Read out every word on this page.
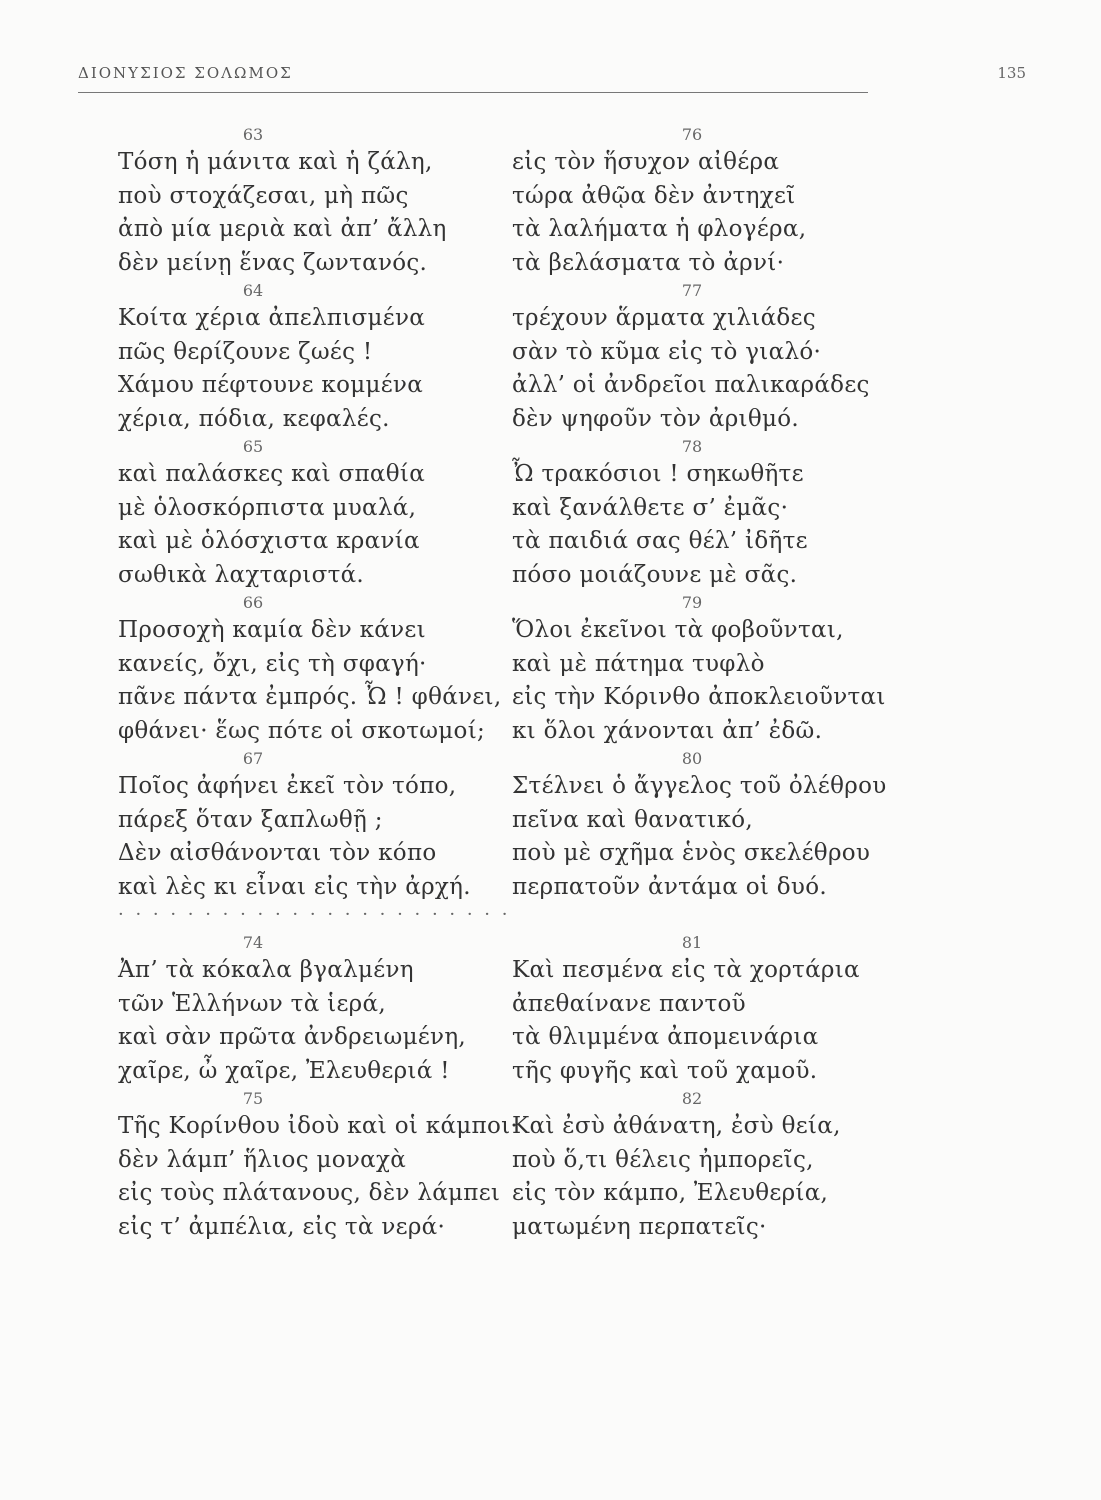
ΔΙΟΝΥΣΙΟΣ ΣΟΛΩΜΟΣ	135
63
Τόση ἡ μάνιτα καὶ ἡ ζάλη,
ποὺ στοχάζεσαι, μὴ πῶς
ἀπὸ μία μεριὰ καὶ ἀπ’ ἄλλη
δὲν μείνῃ ἕνας ζωντανός.
64
Κοίτα χέρια ἀπελπισμένα
πῶς θερίζουνε ζωές !
Χάμου πέφτουνε κομμένα
χέρια, πόδια, κεφαλές.
65
καὶ παλάσκες καὶ σπαθία
μὲ ὁλοσκόρπιστα μυαλά,
καὶ μὲ ὁλόσχιστα κρανία
σωθικὰ λαχταριστά.
66
Προσοχὴ καμία δὲν κάνει
κανείς, ὄχι, εἰς τὴ σφαγή·
πᾶνε πάντα ἐμπρός. Ὦ ! φθάνει,
φθάνει· ἕως πότε οἱ σκοτωμοί;
67
Ποῖος ἀφήνει ἐκεῖ τὸν τόπο,
πάρεξ ὅταν ξαπλωθῇ ;
Δὲν αἰσθάνονται τὸν κόπο
καὶ λὲς κι εἶναι εἰς τὴν ἀρχή.
· · · · · · · · · · · · · · · · · · · · · · ·
74
Ἀπ’ τὰ κόκαλα βγαλμένη
τῶν Ἑλλήνων τὰ ἱερά,
καὶ σὰν πρῶτα ἀνδρειωμένη,
χαῖρε, ὦ χαῖρε, Ἐλευθεριά !
75
Τῆς Κορίνθου ἰδοὺ καὶ οἱ κάμποι·
δὲν λάμπ’ ἥλιος μοναχὰ
εἰς τοὺς πλάτανους, δὲν λάμπει
εἰς τ’ ἀμπέλια, εἰς τὰ νερά·
76
εἰς τὸν ἥσυχον αἰθέρα
τώρα ἀθῷα δὲν ἀντηχεῖ
τὰ λαλήματα ἡ φλογέρα,
τὰ βελάσματα τὸ ἀρνί·
77
τρέχουν ἅρματα χιλιάδες
σὰν τὸ κῦμα εἰς τὸ γιαλό·
ἀλλ’ οἱ ἀνδρεῖοι παλικαράδες
δὲν ψηφοῦν τὸν ἀριθμό.
78
Ὦ τρακόσιοι ! σηκωθῆτε
καὶ ξανάλθετε σ’ ἐμᾶς·
τὰ παιδιά σας θέλ’ ἰδῆτε
πόσο μοιάζουνε μὲ σᾶς.
79
Ὅλοι ἐκεῖνοι τὰ φοβοῦνται,
καὶ μὲ πάτημα τυφλὸ
εἰς τὴν Κόρινθο ἀποκλειοῦνται
κι ὅλοι χάνονται ἀπ’ ἐδῶ.
80
Στέλνει ὁ ἄγγελος τοῦ ὀλέθρου
πεῖνα καὶ θανατικό,
ποὺ μὲ σχῆμα ἑνὸς σκελέθρου
περπατοῦν ἀντάμα οἱ δυό.
81
Καὶ πεσμένα εἰς τὰ χορτάρια
ἀπεθαίνανε παντοῦ
τὰ θλιμμένα ἀπομεινάρια
τῆς φυγῆς καὶ τοῦ χαμοῦ.
82
Καὶ ἐσὺ ἀθάνατη, ἐσὺ θεία,
ποὺ ὅ,τι θέλεις ἠμπορεῖς,
εἰς τὸν κάμπο, Ἐλευθερία,
ματωμένη περπατεῖς·
